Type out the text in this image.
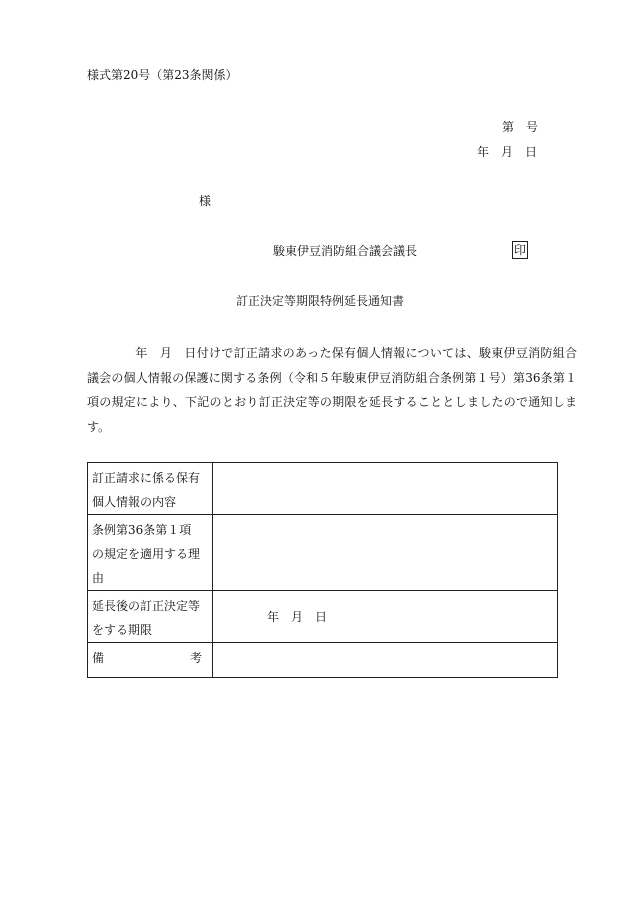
様式第20号（第23条関係）
第　号
年　月　日
様
駿東伊豆消防組合議会議長	印
訂正決定等期限特例延長通知書
年　月　日付けで訂正請求のあった保有個人情報については、駿東伊豆消防組合議会の個人情報の保護に関する条例（令和５年駿東伊豆消防組合条例第１号）第36条第１項の規定により、下記のとおり訂正決定等の期限を延長することとしましたので通知します。
訂正請求に係る保有個人情報の内容	

条例第36条第１項の規定を適用する理由	

延長後の訂正決定等をする期限	年　月　日

備 考	
